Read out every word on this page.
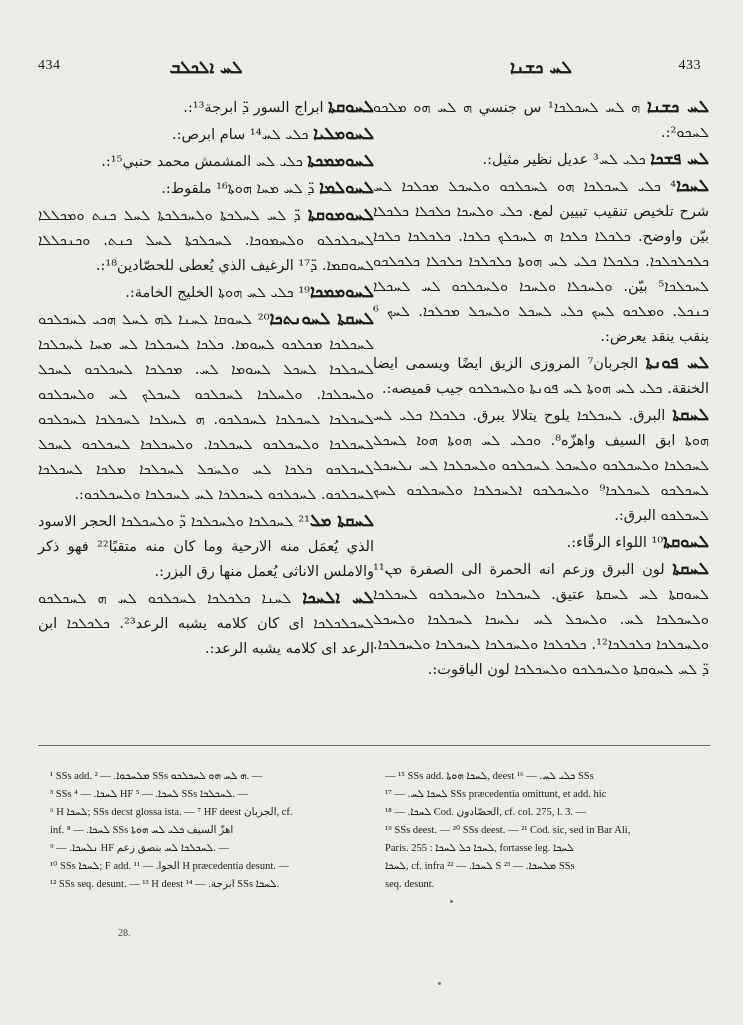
434	ܠܚ ܐܠܟܠܒ

ܠܚܘܩܬܐ ابراج السور ܕ̈ ابرجة¹³:.

ܠܚܘܡܠܝܐ ܟܠܝ ܠܚ¹⁴ سام ابرص:.

ܠܚܘܡܡܟܬܐ ܟܠܝ ܠܚ المشمش محمد حنبي¹⁵:.

ܠܚܘܠܡܐ ܕ̈ ܠܚ ܡܚܐ ܗܘܬܐ¹⁶ ملقوط:.

ܠܚܘܡܘܩܬܐ ܕ̈ ܠܚ ܠܚܠܟܬܐ ܘܠܚܟܠܟܬܐ ܠܚܠ ܟܢܬ ܘܡܟܠܠܐ ܠܚܟܠܟܠܘ ܘܠܚܡܘܟܐ. ܠܚܟܠܟܬܐ ܠܚܠ ܟܢܬ. ܘܟܢܟܠܠܐ ܠܚܘܩܡܐ. ܕ̈¹⁷ الرغيف الذي يُعطى للحصّادين¹⁸:.

ܠܚܘܡܡܟܐ¹⁹ ܟܠܝ ܠܚ ܗܘܬܐ الخليج الخامة:.

ܠܚܩܬܐ ܠܚܘܢܬܟܐ²⁰ ܠܚܘܩܐ ܠܚܢܐ ܠܗ ܠܚܠ ܗܟܝ ܠܚܟܠܟܘ ܠܚܟܠܟܐ ܡܟܠܟܘ ܠܚܘܡܐ. ܟܠܟܐ ܠܚܟܠܟܐ ܠܚ ܡܚܐ ܠܚܟܠܟܐ ܠܚܟܠܟܐ ܠܚܟܠ ܠܚܘܡܐ ܠܚ. ܡܟܠܟܐ ܠܚܟܠܟܘ ܠܚܟܠ ܘܠܚܟܠܟܐ. ܘܠܚܠܟܐ ܠܚܟܠܟܘ ܠܚܟܠܟ ܠܚ ܘܠܚܟܠܟܘ ܠܚܟܠܟܐ ܠܚܟܠܟܐ ܠܚܟܠܟܘ. ܗ ܠܚܠܟܐ ܠܚܟܠܟܐ ܠܚܟܠܟܘ ܠܚܟܠܟܐ ܘܠܚܟܠܟܘ ܠܚܟܠܟܐ. ܘܠܚܟܠܟܐ ܠܚܟܠܟܘ ܠܚܟܠ ܠܚܟܠܟܘ ܟܠܟܐ ܠܚ ܘܠܚܟܠ ܠܚܟܠܟܐ ܡܠܟܐ ܠܚܟܠܟܐ ܠܚܟܠܟܘ. ܠܚܟܠܟܘ ܠܚܟܠܟܐ ܠܚ ܠܚܟܠܟܐ ܘܠܚܟܠܟܘ:.

ܠܚܩܬܐ ܡܠ²¹ ܠܚܟܠܟܐ ܘܠܚܟܠܟܐ ܕ̈ ܘܠܚܟܠܟܐ الحجر الاسود الذي يُعمَل منه الارحية وما كان منه متقبًا²² فهو ذكر والاملس الاناثى يُعمل منها رق البزر:.

ܠܚ ܐܠܚܟܐ ܠܚܢܐ ܟܠܟܠܟܐ ܠܚܟܠܟܘ ܠܚ ܗ ܠܚܟܠܟܘ ܠܚܟܠܟܠܟܐ ای کان کلامه یشبه الرعد²³. ܟܠܟܠܟܐ ابن الرعد ای کلامه یشبه الرعد:.

ܠܚ ܟܫܢܐ	433

ܠܚ ܟܫܢܐ ܗ ܠܚ ܠܚܟܠܟܐ¹ س جنسي ܗ ܠܚ ܗܘ ܡܠܟܘ ܠܚܟܘ²:.

ܠܚ ܦܫܟܐ ܟܠܝ ܠܚ³ عديل نظير مثيل:.

ܠܚܟܐ⁴ ܟܠܝ ܠܚܟܠܟܐ ܗܘ ܠܚܟܠܟܘ ܘܠܚܟܠ ܡܟܠܟܐ ܠܚ شرح تلخيص تنقيب تبيين لمع. ܟܠܝ ܘܠܚܟܐ ܟܠܟܠܐ ܟܠܟܠܐ بيّن واوضح. ܟܠܟܠܐ ܟܠܟܐ ܗ ܠܚܟܠܟ ܟܠܟܐ. ܟܠܟܠܟܐ ܟܠܟܐ ܟܠܟܠܟܠܟܐ. ܟܠܟܠܐ ܟܠܝ ܠܚ ܗܘܬܐ ܟܠܟܠܟܐ ܟܠܟܠܐ ܟܠܟܠܟܘ ܠܚܟܠܟܐ⁵ بيّن. ܘܠܚܟܠܐ ܘܠܚܟܐ ܘܠܚܟܠܟܘ ܠܚ ܠܚܟܠܐ ܟܢܟܠ. ܘܡܠܟܘ ܠܚܟ ܟܠܝ ܠܚܟܠ ܘܠܚܟܠ ܡܟܠܟܐ. ܠܚܟ ⁶ ينقب ينقد يعرض:.

ܠܚ ܦܘܢܬܐ الجربان⁷ المروزى الزيق ايضًا ويسمى ايضا الخنقة. ܟܠܝ ܠܚ ܗܘܬܐ ܠܚ ܦܘܢܬܐ ܘܠܚܟܠܟܘ جيب قميصه:.

ܠܚܩܬܐ البرق. ܠܚܟܠܟܐ يلوح يتلالا يبرق. ܟܠܟܠܐ ܟܠܝ ܠܚ ܗܘܬܐ ابق السيف واهزّه⁸. ܘܟܠܝ ܠܚ ܗܘܬܐ ܗܘܐ ܠܚܟܠ ܠܚܟܠܟܐ ܘܠܚܟܠܟܘ ܘܠܚܟܠ ܠܚܟܠܟܘ ܘܠܚܟܠܟܐ ܠܚ ܢܠܚܟܠ ܠܚܟܠܟܘ ܠܚܟܠܟܐ⁹ ܘܠܚܟܠܟܘ ܐܠܚܟܠܟܐ ܘܠܚܟܠܟܘ ܠܚܟ ܠܚܟܠܟܘ البرق:.

ܠܚܘܩܬܐ¹⁰ اللواء الرقّاء:.

ܠܚܩܬܐ لون البرق وزعم انه الحمرة الى الصفرة ܡܢ¹¹ ܠܚܘܩܬܐ ܠܚ ܠܚܩܬܐ عتيق. ܠܚܟܠܟܐ ܘܠܚܟܠܟܘ ܠܚܟܠܟܐ ܘܠܚܟܠܟܐ ܠܚ. ܘܠܚܟܠ ܠܚ ܢܠܚܟܐ ܠܚܟܠܟܐ ܘܠܚܟܠ ܘܠܚܟܠܟܐ ܟܠܟܠܟܐ¹². ܟܠܟܠܟܐ ܘܠܚܟܠܟܐ ܠܚܟܠܟܐ ܘܠܚܟܠܟܐ. ܕ̈ ܠܚ ܠܚܘܩܬܐ ܘܠܚܟܠܟܘ ܘܠܚܟܠܟܐ لون الياقوت:.

¹ SSs add. ܡܠܚܟܘܐ. — ² SSs ܗ ܠܚ ܗܘ ܠܚܟܠܟܘ. —
³ SSs ܠܚܟܐ. — ⁴ HF ܠܚܟܐ. — ⁵ SSs ܠܚܟܠܟܐ. —
⁶ H ܠܚܟܐ; SSs decst glossa ista. — ⁷ HF deest الجربان, cf.
inf. ܠܚܟܐ. — ⁸ SSs اهزّ السيف ܟܠܝ ܠܚ ܗܘܬܐ
ܢܠܚܟܐ. — ⁹ HF ܠܚܟܠܟܐ ܠܚ بنصق زعم. —
¹⁰ SSs ܠܚܟܐ; F add. الجوا. — ¹¹ H præcedentia desunt. —
¹² SSs seq. desunt. — ¹³ H deest ابرجة. — ¹⁴ SSs ܠܚܟܐ.
— ¹⁵ SSs add. ܠܚܟܐ ܗܘܬܐ, deest ܟܠܝ ܠܚ. — ¹⁶ SSs
ܠܚܟܐ ܠܚ. — ¹⁷ SSs præcedentia omittunt, et add. hic
ܠܚܟܐ. — ¹⁸ Cod. الحصّادون, cf. col. 275, l. 3. —
¹⁹ SSs deest. — ²⁰ SSs deest. — ²¹ Cod. sic, sed in Bar Ali,
Paris. 255 : ܠܚܟܐ ܟܠ ܠܚܟܐ, fortasse leg. ܠܚܟܐ
ܠܚܟܐ, cf. infra ܠܚܟܐ. — ²² S ܡܠܚܟܐ. — ²³ SSs
seq. desunt.
28.
